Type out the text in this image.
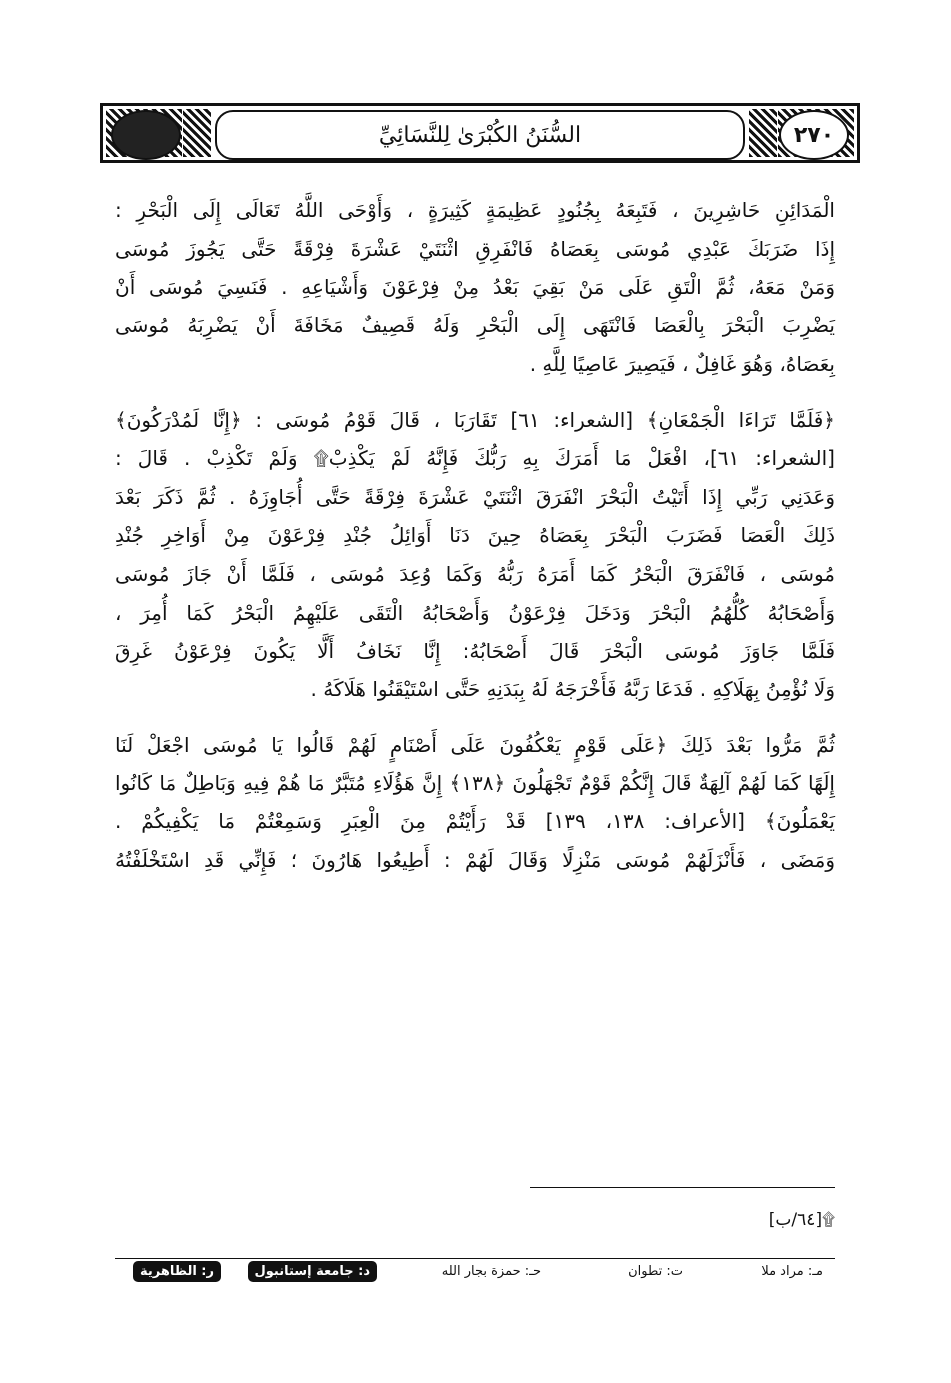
٢٧٠
السُّنَنُ الكُبْرَىٰ لِلنَّسَائِيِّ
الْمَدَائِنِ حَاشِرِينَ ، فَتَبِعَهُ بِجُنُودٍ عَظِيمَةٍ كَثِيرَةٍ ، وَأَوْحَى اللَّهُ تَعَالَى إِلَى الْبَحْرِ :
إِذَا ضَرَبَكَ عَبْدِي مُوسَى بِعَصَاهُ فَانْفَرِقِ اثْنَتَيْ عَشْرَةَ فِرْقَةً حَتَّى يَجُوزَ مُوسَى
وَمَنْ مَعَهُ، ثُمَّ الْتَقِ عَلَى مَنْ بَقِيَ بَعْدُ مِنْ فِرْعَوْنَ وَأَشْيَاعِهِ . فَنَسِيَ مُوسَى أَنْ
يَضْرِبَ الْبَحْرَ بِالْعَصَا فَانْتَهَى إِلَى الْبَحْرِ وَلَهُ قَصِيفٌ مَخَافَةَ أَنْ يَضْرِبَهُ مُوسَى
بِعَصَاهُ، وَهُوَ غَافِلٌ ، فَيَصِيرَ عَاصِيًا لِلَّهِ .
﴿فَلَمَّا تَرَاءَا الْجَمْعَانِ﴾ [الشعراء: ٦١] تَقَارَبَا ، قَالَ قَوْمُ مُوسَى : ﴿إِنَّا لَمُدْرَكُونَ﴾
[الشعراء: ٦١]، افْعَلْ مَا أَمَرَكَ بِهِ رَبُّكَ فَإِنَّهُ لَمْ يَكْذِبْ۩ وَلَمْ تَكْذِبْ . قَالَ :
وَعَدَنِي رَبِّي إِذَا أَتَيْتُ الْبَحْرَ انْفَرَقَ اثْنَتَيْ عَشْرَةَ فِرْقَةً حَتَّى أُجَاوِزَهُ . ثُمَّ ذَكَرَ بَعْدَ
ذَلِكَ الْعَصَا فَضَرَبَ الْبَحْرَ بِعَصَاهُ حِينَ دَنَا أَوَائِلُ جُنْدِ فِرْعَوْنَ مِنْ أَوَاخِرِ جُنْدِ
مُوسَى ، فَانْفَرَقَ الْبَحْرُ كَمَا أَمَرَهُ رَبُّهُ وَكَمَا وُعِدَ مُوسَى ، فَلَمَّا أَنْ جَازَ مُوسَى
وَأَصْحَابُهُ كُلُّهُمُ الْبَحْرَ وَدَخَلَ فِرْعَوْنُ وَأَصْحَابُهُ الْتَقَى عَلَيْهِمُ الْبَحْرُ كَمَا أُمِرَ ،
فَلَمَّا جَاوَزَ مُوسَى الْبَحْرَ قَالَ أَصْحَابُهُ: إِنَّا نَخَافُ أَلَّا يَكُونَ فِرْعَوْنُ غَرِقَ
وَلَا نُؤْمِنُ بِهَلَاكِهِ . فَدَعَا رَبَّهُ فَأَخْرَجَهُ لَهُ بِبَدَنِهِ حَتَّى اسْتَيْقَنُوا هَلَاكَهُ .
ثُمَّ مَرُّوا بَعْدَ ذَلِكَ ﴿عَلَى قَوْمٍ يَعْكُفُونَ عَلَى أَصْنَامٍ لَهُمْ قَالُوا يَا مُوسَى اجْعَلْ لَنَا
إِلَهًا كَمَا لَهُمْ آلِهَةٌ قَالَ إِنَّكُمْ قَوْمٌ تَجْهَلُونَ ﴿١٣٨﴾ إِنَّ هَؤُلَاءِ مُتَبَّرٌ مَا هُمْ فِيهِ وَبَاطِلٌ مَا كَانُوا
يَعْمَلُونَ﴾ [الأعراف: ١٣٨، ١٣٩] قَدْ رَأَيْتُمْ مِنَ الْعِبَرِ وَسَمِعْتُمْ مَا يَكْفِيكُمْ .
وَمَضَى ، فَأَنْزَلَهُمْ مُوسَى مَنْزِلًا وَقَالَ لَهُمْ : أَطِيعُوا هَارُونَ ؛ فَإِنِّي قَدِ اسْتَخْلَفْتُهُ
۩[٦٤/ب]
مـ: مراد ملا
ت: تطوان
حـ: حمزة بجار الله
د: جامعة إستانبول
ر: الظاهرية
